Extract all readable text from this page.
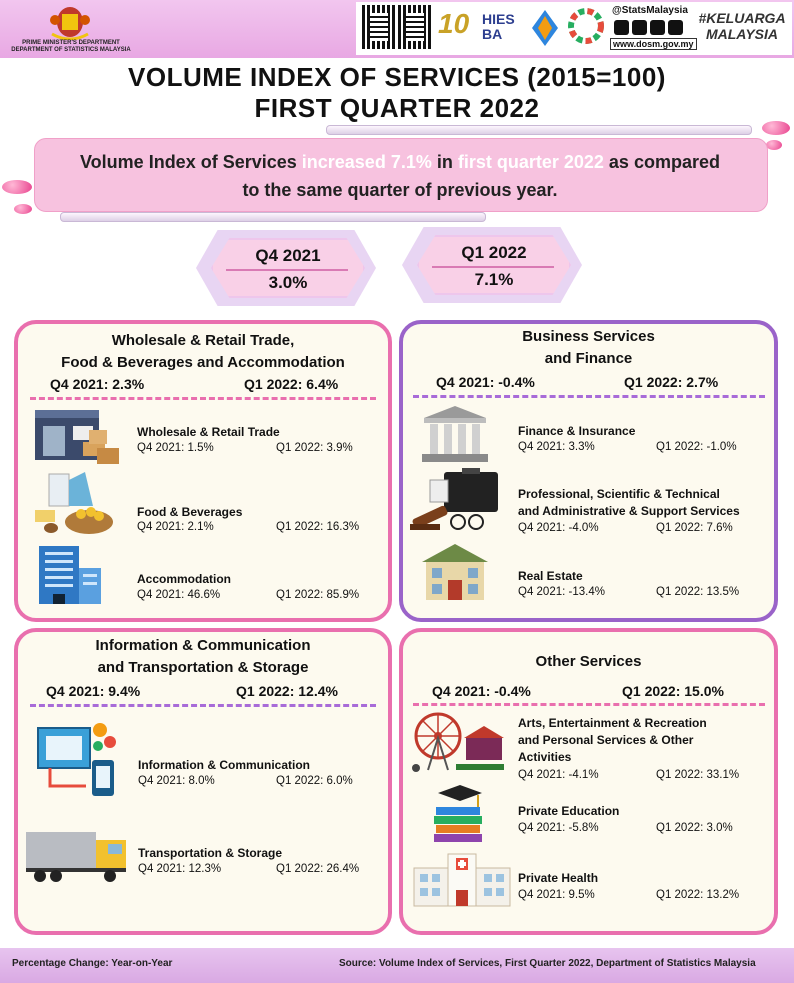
PRIME MINISTER'S DEPARTMENT
DEPARTMENT OF STATISTICS MALAYSIA
10 HIES BA
@StatsMalaysia
www.dosm.gov.my
#KELUARGA MALAYSIA
VOLUME INDEX OF SERVICES (2015=100)
FIRST QUARTER 2022
Volume Index of Services increased 7.1% in first quarter 2022 as compared to the same quarter of previous year.
Q4 2021
3.0%
Q1 2022
7.1%
Wholesale & Retail Trade,
Food & Beverages and Accommodation
Q4 2021: 2.3%	Q1 2022: 6.4%
Wholesale & Retail Trade
Q4 2021: 1.5%	Q1 2022: 3.9%
Food & Beverages
Q4 2021: 2.1%	Q1 2022: 16.3%
Accommodation
Q4 2021: 46.6%	Q1 2022: 85.9%
Business Services
and Finance
Q4 2021: -0.4%	Q1 2022: 2.7%
Finance & Insurance
Q4 2021: 3.3%	Q1 2022: -1.0%
Professional, Scientific & Technical
and Administrative & Support Services
Q4 2021: -4.0%	Q1 2022: 7.6%
Real Estate
Q4 2021: -13.4%	Q1 2022: 13.5%
Information & Communication
and Transportation & Storage
Q4 2021: 9.4%	Q1 2022: 12.4%
Information & Communication
Q4 2021: 8.0%	Q1 2022: 6.0%
Transportation & Storage
Q4 2021: 12.3%	Q1 2022: 26.4%
Other Services
Q4 2021: -0.4%	Q1 2022: 15.0%
Arts, Entertainment & Recreation
and Personal Services & Other
Activities
Q4 2021: -4.1%	Q1 2022: 33.1%
Private Education
Q4 2021: -5.8%	Q1 2022: 3.0%
Private Health
Q4 2021: 9.5%	Q1 2022: 13.2%
Percentage Change: Year-on-Year	Source: Volume Index of Services, First Quarter 2022, Department of Statistics Malaysia
